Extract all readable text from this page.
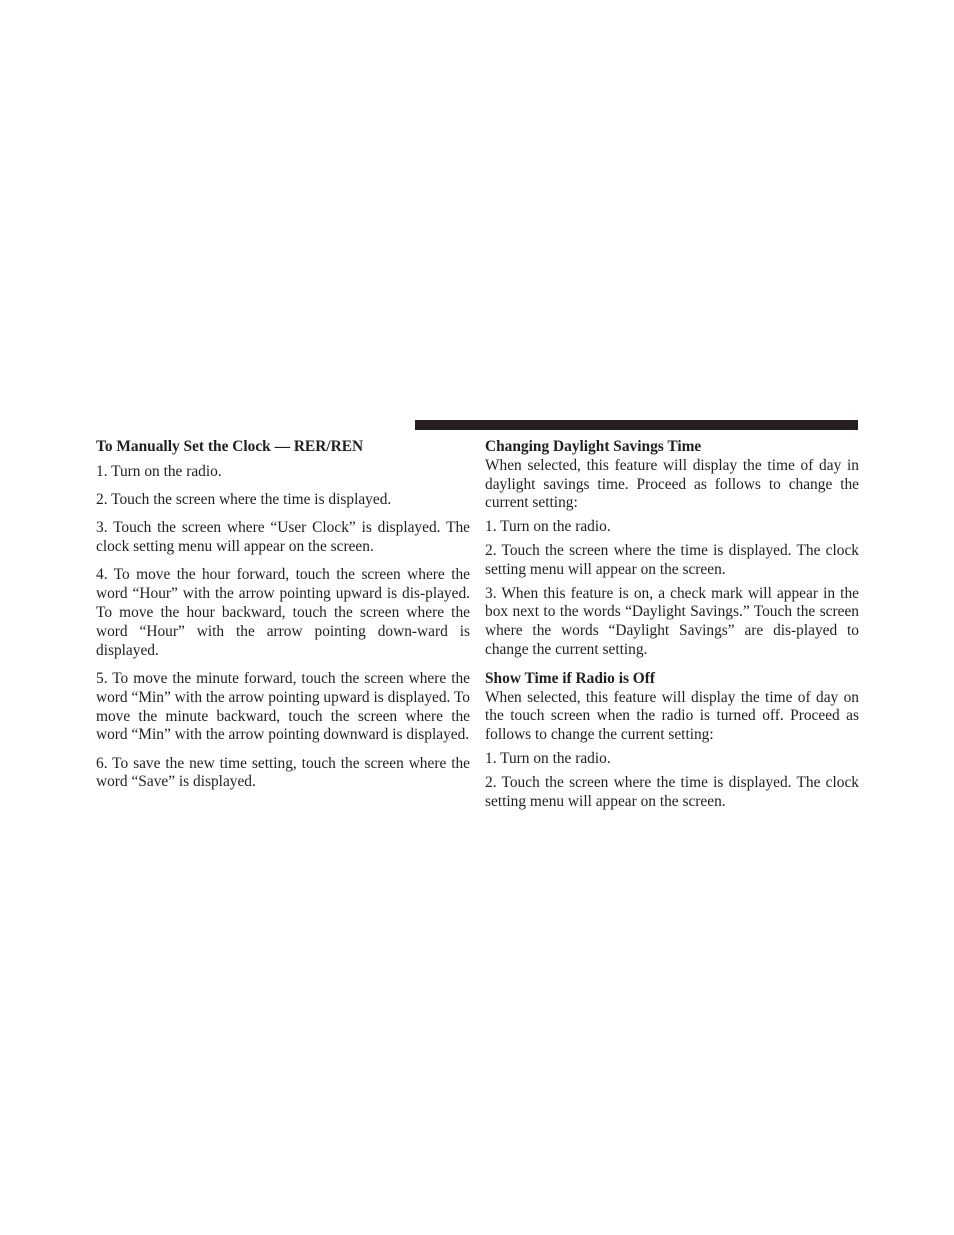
To Manually Set the Clock — RER/REN

1. Turn on the radio.

2. Touch the screen where the time is displayed.

3. Touch the screen where “User Clock” is displayed. The clock setting menu will appear on the screen.

4. To move the hour forward, touch the screen where the word “Hour” with the arrow pointing upward is dis-played. To move the hour backward, touch the screen where the word “Hour” with the arrow pointing down-ward is displayed.

5. To move the minute forward, touch the screen where the word “Min” with the arrow pointing upward is displayed. To move the minute backward, touch the screen where the word “Min” with the arrow pointing downward is displayed.

6. To save the new time setting, touch the screen where the word “Save” is displayed.

Changing Daylight Savings Time

When selected, this feature will display the time of day in daylight savings time. Proceed as follows to change the current setting:

1. Turn on the radio.

2. Touch the screen where the time is displayed. The clock setting menu will appear on the screen.

3. When this feature is on, a check mark will appear in the box next to the words “Daylight Savings.” Touch the screen where the words “Daylight Savings” are dis-played to change the current setting.

Show Time if Radio is Off

When selected, this feature will display the time of day on the touch screen when the radio is turned off. Proceed as follows to change the current setting:

1. Turn on the radio.

2. Touch the screen where the time is displayed. The clock setting menu will appear on the screen.
